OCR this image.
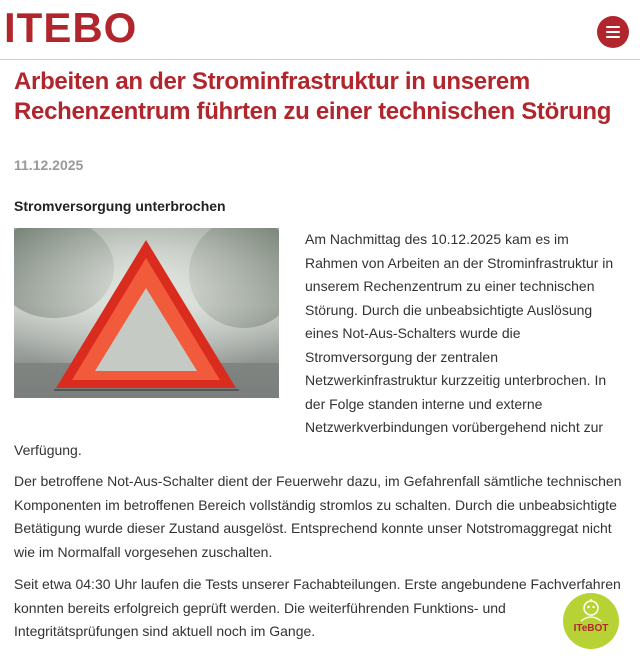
ITEBO
Arbeiten an der Strominfrastruktur in unserem Rechenzentrum führten zu einer technischen Störung
11.12.2025
Stromversorgung unterbrochen

Am Nachmittag des 10.12.2025 kam es im Rahmen von Arbeiten an der Strominfrastruktur in unserem Rechenzentrum zu einer technischen Störung. Durch die unbeabsichtigte Auslösung eines Not-Aus-Schalters wurde die Stromversorgung der zentralen Netzwerkinfrastruktur kurzzeitig unterbrochen. In der Folge standen interne und externe Netzwerkverbindungen vorübergehend nicht zur

Verfügung.

Der betroffene Not-Aus-Schalter dient der Feuerwehr dazu, im Gefahrenfall sämtliche technischen Komponenten im betroffenen Bereich vollständig stromlos zu schalten. Durch die unbeabsichtigte Betätigung wurde dieser Zustand ausgelöst. Entsprechend konnte unser Notstromaggregat nicht wie im Normalfall vorgesehen zuschalten.

Seit etwa 04:30 Uhr laufen die Tests unserer Fachabteilungen. Erste angebundene Fachverfahren konnten bereits erfolgreich geprüft werden. Die weiterführenden Funktions- und Integritätsprüfungen sind aktuell noch im Gange.	ITeBOT
